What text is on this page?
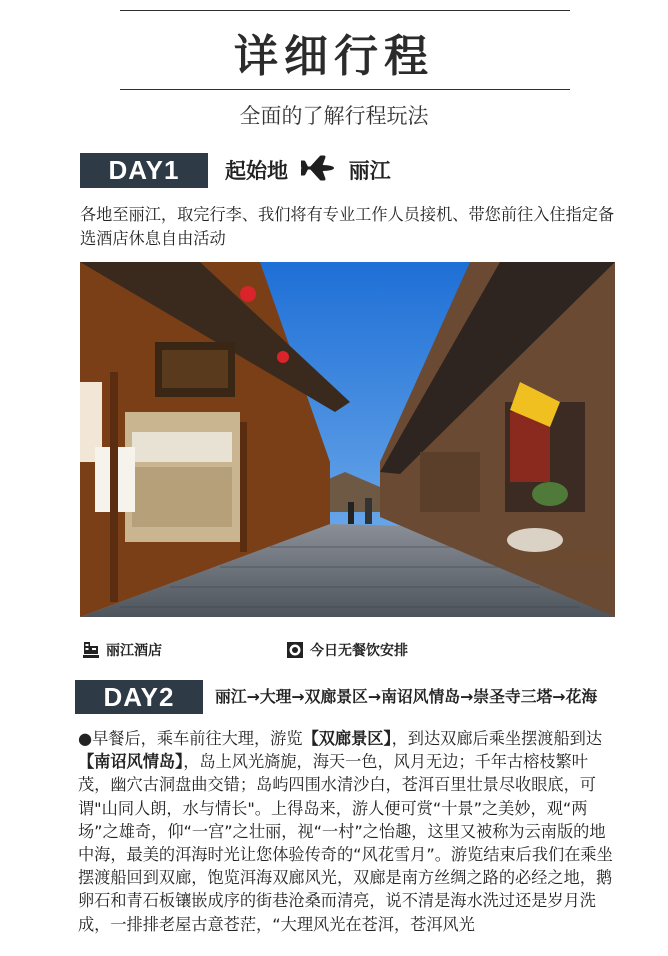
详细行程
全面的了解行程玩法
DAY1	起始地	丽江
各地至丽江，取完行李、我们将有专业工作人员接机、带您前往入住指定备选酒店休息自由活动
丽江酒店	今日无餐饮安排
DAY2	丽江→大理→双廊景区→南诏风情岛→崇圣寺三塔→花海
●早餐后，乘车前往大理，游览【双廊景区】，到达双廊后乘坐摆渡船到达【南诏风情岛】，岛上风光旖旎，海天一色，风月无边；千年古榕枝繁叶茂，幽穴古洞盘曲交错；岛屿四围水清沙白，苍洱百里壮景尽收眼底，可谓"山同人朗，水与情长"。上得岛来，游人便可赏“十景”之美妙，观“两场”之雄奇，仰“一宫”之壮丽，视“一村”之怡趣，这里又被称为云南版的地中海，最美的洱海时光让您体验传奇的“风花雪月”。游览结束后我们在乘坐摆渡船回到双廊，饱览洱海双廊风光，双廊是南方丝绸之路的必经之地，鹅卵石和青石板镶嵌成序的街巷沧桑而清亮，说不清是海水洗过还是岁月洗成，一排排老屋古意苍茫，“大理风光在苍洱，苍洱风光
